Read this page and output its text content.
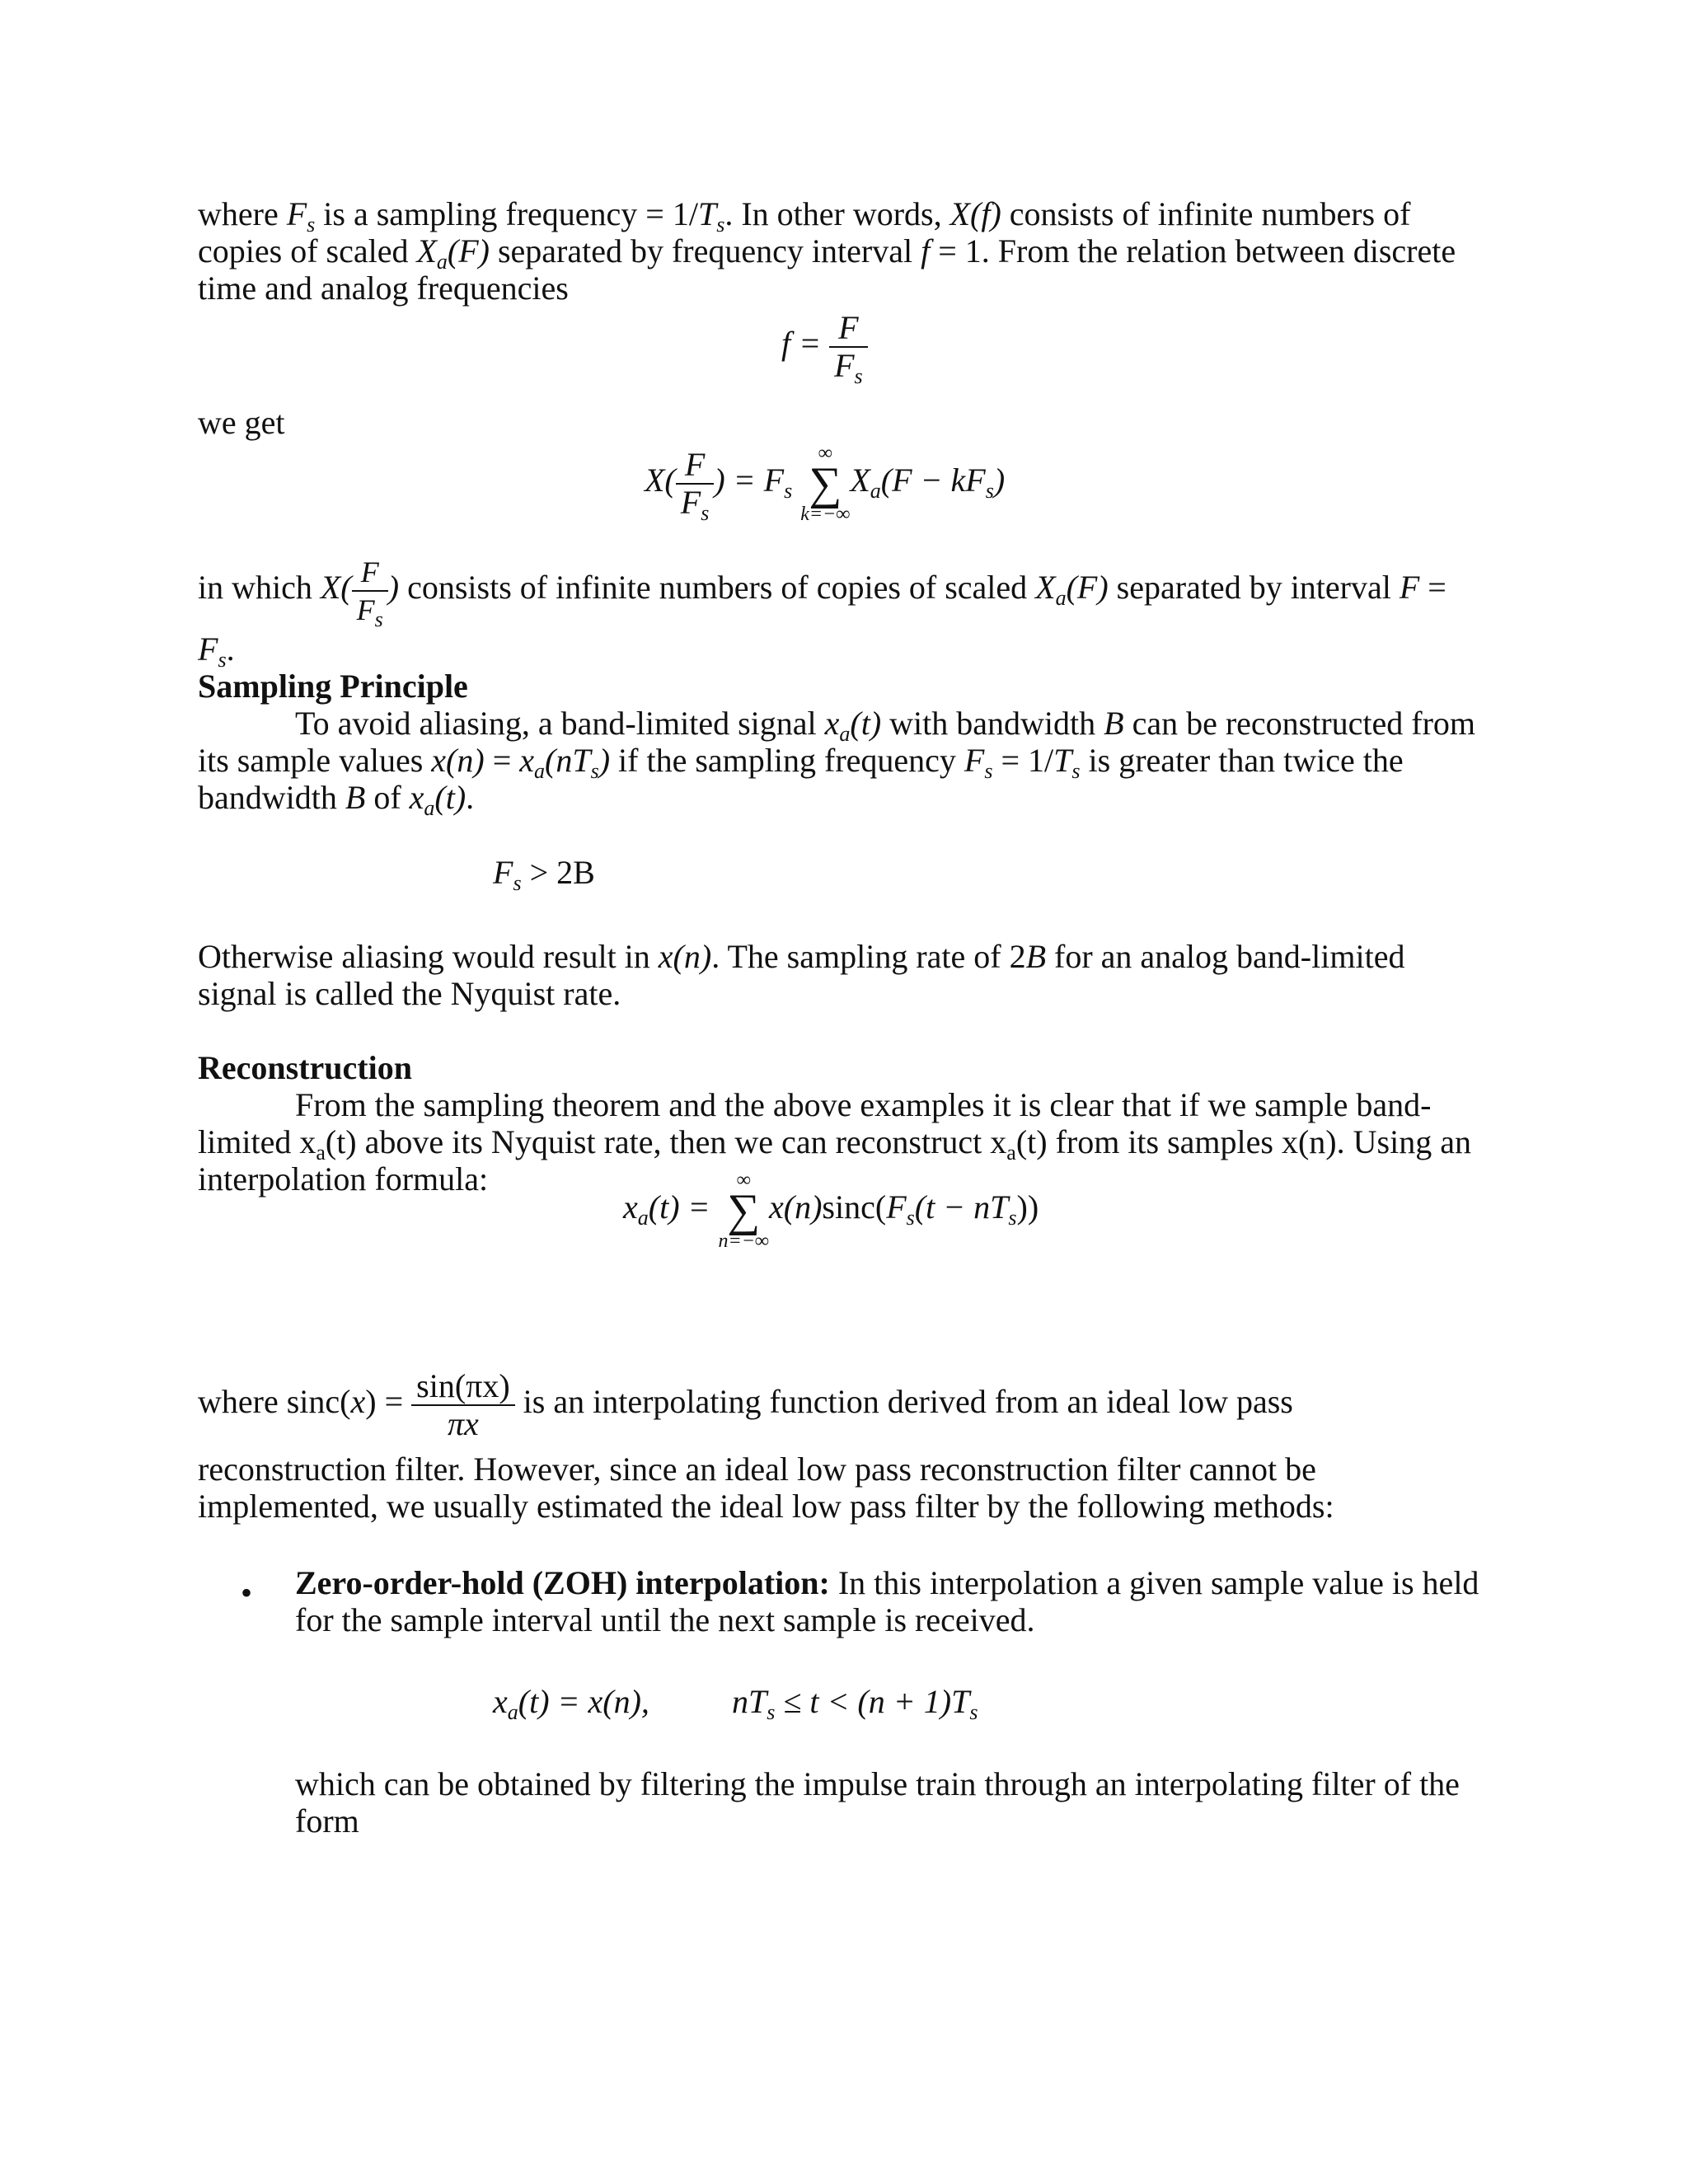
where $F_s$ is a sampling frequency = $1/T_s$. In other words, X(f) consists of infinite numbers of copies of scaled $X_a(F)$ separated by frequency interval f = 1. From the relation between discrete time and analog frequencies

$f = \frac{F}{F_s}$

we get

$X( \frac{F}{F_s}$ ) = $F_s$
∞
∑
k=−∞
$X_a(F - kF_s)$

in which $X( \frac{F}{F_s}$ ) consists of infinite numbers of copies of scaled $X_a(F)$ separated by interval F =

$F_s$.

Sampling Principle

To avoid aliasing, a band-limited signal $x_a(t)$ with bandwidth B can be reconstructed from its sample values $x(n) = x_a(nT_s)$ if the sampling frequency $F_s = 1/T_s$ is greater than twice the bandwidth B of $x_a(t)$.

$F_s > 2B$

Otherwise aliasing would result in x(n). The sampling rate of 2B for an analog band-limited signal is called the Nyquist rate.

Reconstruction

From the sampling theorem and the above examples it is clear that if we sample band-limited $x_a(t)$ above its Nyquist rate, then we can reconstruct $x_a(t)$ from its samples x(n). Using an interpolation formula:

$x_a(t)$ =
∞
∑
n=−∞
$x(n)\sin c(F_s(t - nT_s))$
where $\sin c(x) = \frac{\sin(\pi x)}{\pi x}$ is an interpolating function derived from an ideal low pass

reconstruction filter. However, since an ideal low pass reconstruction filter cannot be implemented, we usually estimated the ideal low pass filter by the following methods:

• Zero-order-hold (ZOH) interpolation: In this interpolation a given sample value is held for the sample interval until the next sample is received.

$x_a(t) = x(n)$,	$nT_s \le t < (n + 1)T_s$

which can be obtained by filtering the impulse train through an interpolating filter of the form
